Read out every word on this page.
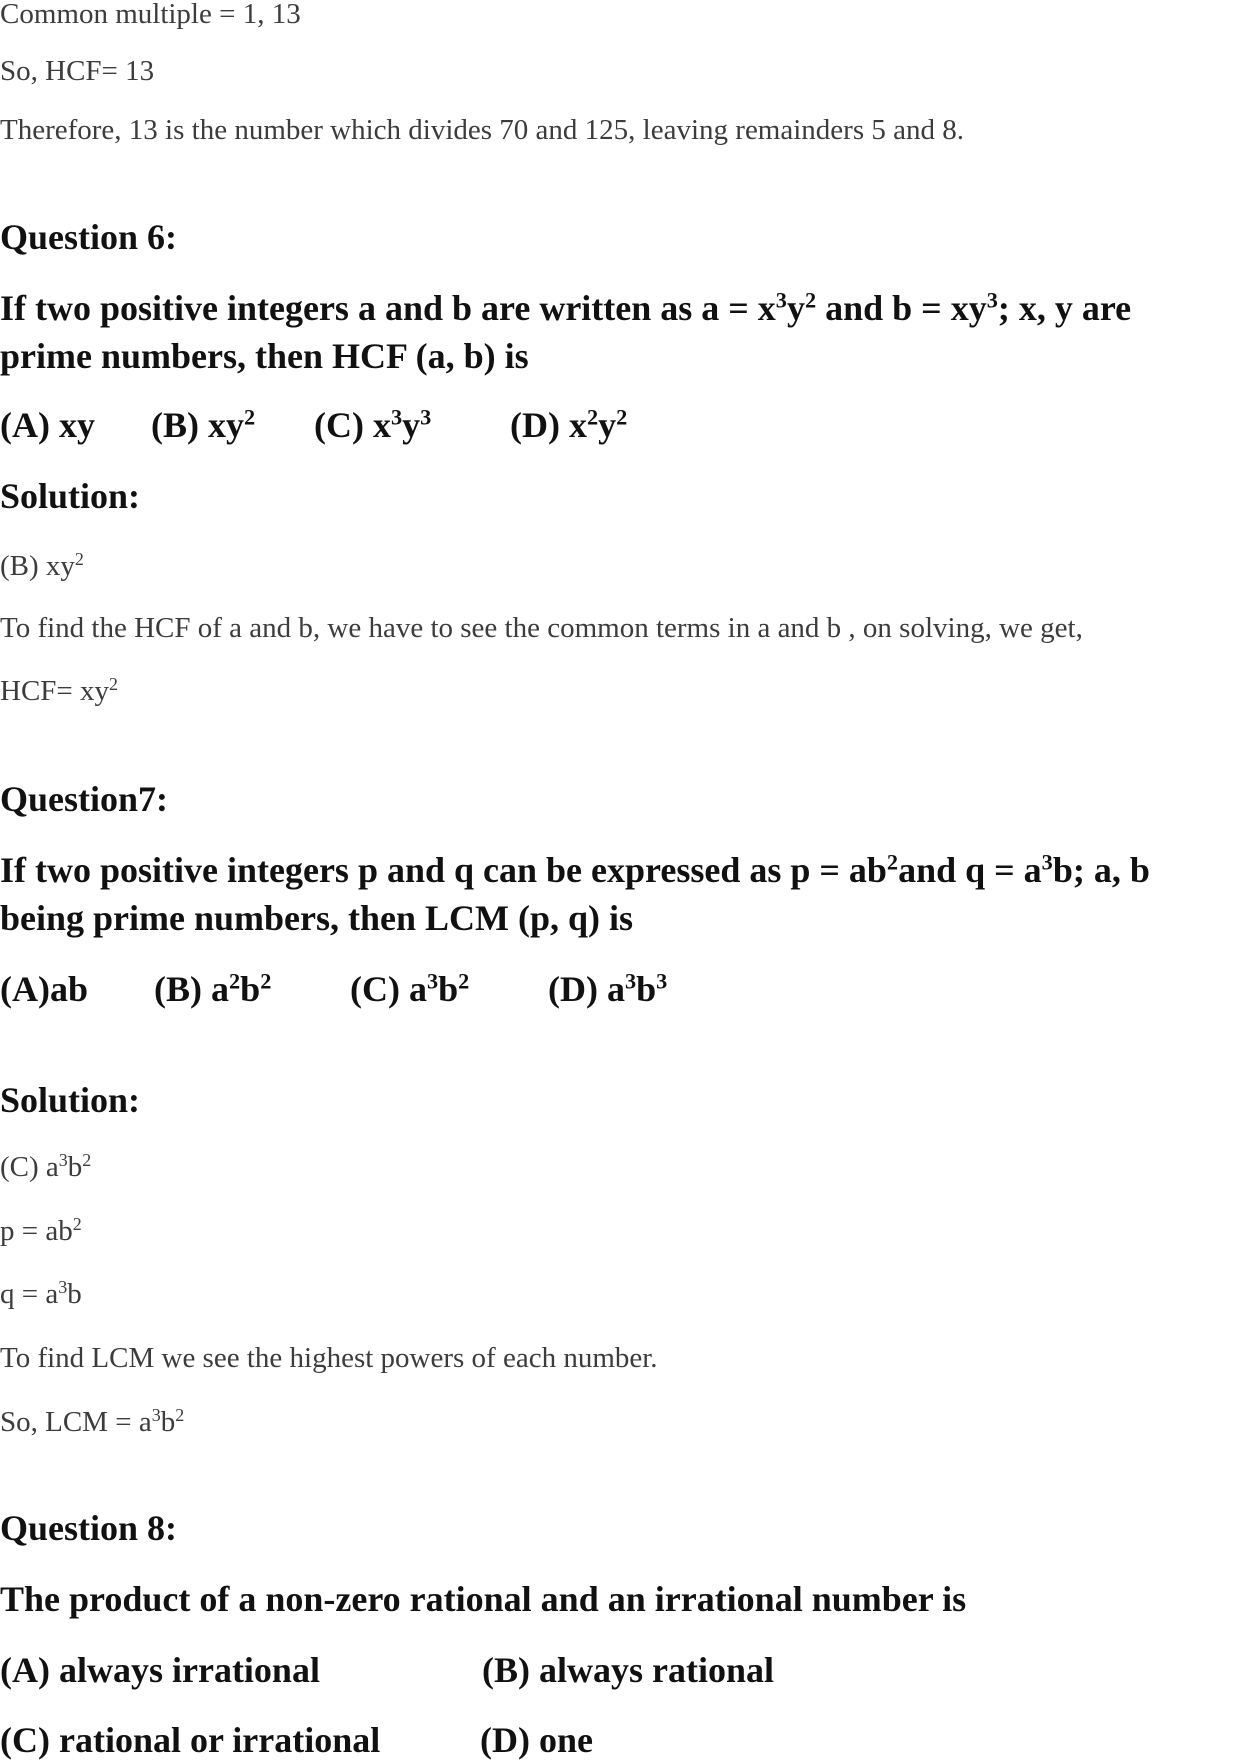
Common multiple = 1, 13
So, HCF= 13
Therefore, 13 is the number which divides 70 and 125, leaving remainders 5 and 8.
Question 6:
If two positive integers a and b are written as $a = x^3y^2$ and $b = xy^3$; x, y are
prime numbers, then HCF (a, b) is
(A) xy (B) $xy^2$ (C) $x^3y^3$ (D) $x^2y^2$
Solution:
(B) $xy^2$
To find the HCF of a and b, we have to see the common terms in a and b , on solving, we get,
$HCF= xy^2$
Question7:
If two positive integers p and q can be expressed as $p = ab^2and$ $q = a^3b$; a, b
being prime numbers, then LCM (p, q) is
(A)ab (B) $a^2b^2$ (C) $a^3b^2$ (D) $a^3b^3$
Solution:
(C) $a^3b^2$
$p = ab^2$
$q = a^3b$
To find LCM we see the highest powers of each number.
So, LCM = $a^3b^2$
Question 8:
The product of a non-zero rational and an irrational number is
(A) always irrational	(B) always rational
(C) rational or irrational	(D) one
